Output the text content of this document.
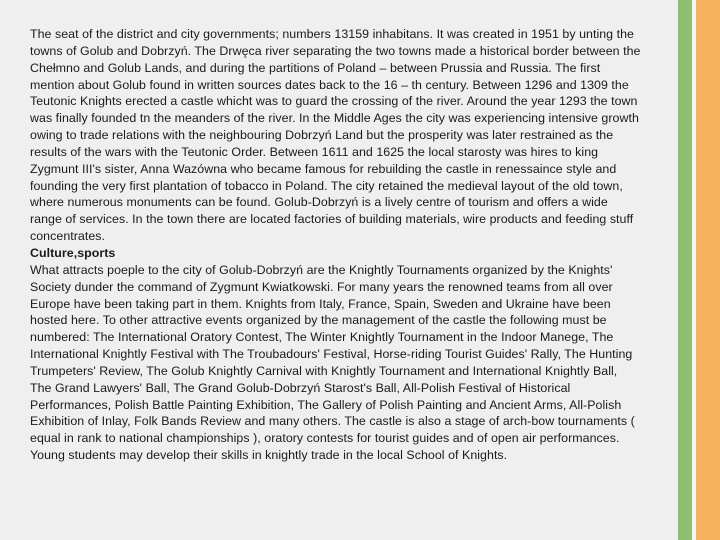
The seat of the district and city governments; numbers 13159 inhabitans. It was created in 1951 by unting the towns of Golub and Dobrzyń. The Drwęca river separating the two towns made a historical border between the Chełmno and Golub Lands, and during the partitions of Poland – between Prussia and Russia. The first mention about Golub found in written sources dates back to the 16 – th century. Between 1296 and 1309 the Teutonic Knights erected a castle whicht was to guard the crossing of the river. Around the year 1293 the town was finally founded tn the meanders of the river. In the Middle Ages the city was experiencing intensive growth owing to trade relations with the neighbouring Dobrzyń Land but the prosperity was later restrained as the results of the wars with the Teutonic Order. Between 1611 and 1625 the local starosty was hires to king Zygmunt III's sister, Anna Wazówna who became famous for rebuilding the castle in renessaince style and founding the very first plantation of tobacco in Poland. The city retained the medieval layout of the old town, where numerous monuments can be found. Golub-Dobrzyń is a lively centre of tourism and offers a wide range of services. In the town there are located factories of building materials, wire products and feeding stuff concentrates.

Culture,sports

What attracts poeple to the city of Golub-Dobrzyń are the Knightly Tournaments organized by the Knights' Society dunder the command of Zygmunt Kwiatkowski. For many years the renowned teams from all over Europe have been taking part in them. Knights from Italy, France, Spain, Sweden and Ukraine have been hosted here. To other attractive events organized by the management of the castle the following must be numbered: The International Oratory Contest, The Winter Knightly Tournament in the Indoor Manege, The International Knightly Festival with The Troubadours' Festival, Horse-riding Tourist Guides' Rally, The Hunting Trumpeters' Review, The Golub Knightly Carnival with Knightly Tournament and International Knightly Ball, The Grand Lawyers' Ball, The Grand Golub-Dobrzyń Starost's Ball, All-Polish Festival of Historical Performances, Polish Battle Painting Exhibition, The Gallery of Polish Painting and Ancient Arms, All-Polish Exhibition of Inlay, Folk Bands Review and many others. The castle is also a stage of arch-bow tournaments ( equal in rank to national championships ), oratory contests for tourist guides and of open air performances. Young students may develop their skills in knightly trade in the local School of Knights.
